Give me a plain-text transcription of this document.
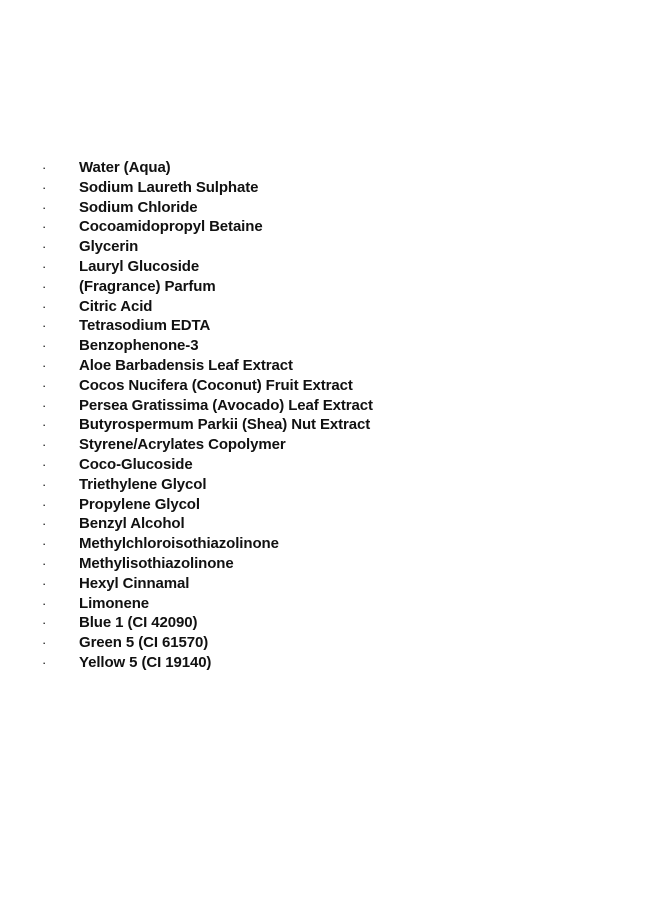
· Water (Aqua)
· Sodium Laureth Sulphate
· Sodium Chloride
· Cocoamidopropyl Betaine
· Glycerin
· Lauryl Glucoside
· (Fragrance) Parfum
· Citric Acid
· Tetrasodium EDTA
· Benzophenone-3
· Aloe Barbadensis Leaf Extract
· Cocos Nucifera (Coconut) Fruit Extract
· Persea Gratissima (Avocado) Leaf Extract
· Butyrospermum Parkii (Shea) Nut Extract
· Styrene/Acrylates Copolymer
· Coco-Glucoside
· Triethylene Glycol
· Propylene Glycol
· Benzyl Alcohol
· Methylchloroisothiazolinone
· Methylisothiazolinone
· Hexyl Cinnamal
· Limonene
· Blue 1 (CI 42090)
· Green 5 (CI 61570)
· Yellow 5 (CI 19140)
